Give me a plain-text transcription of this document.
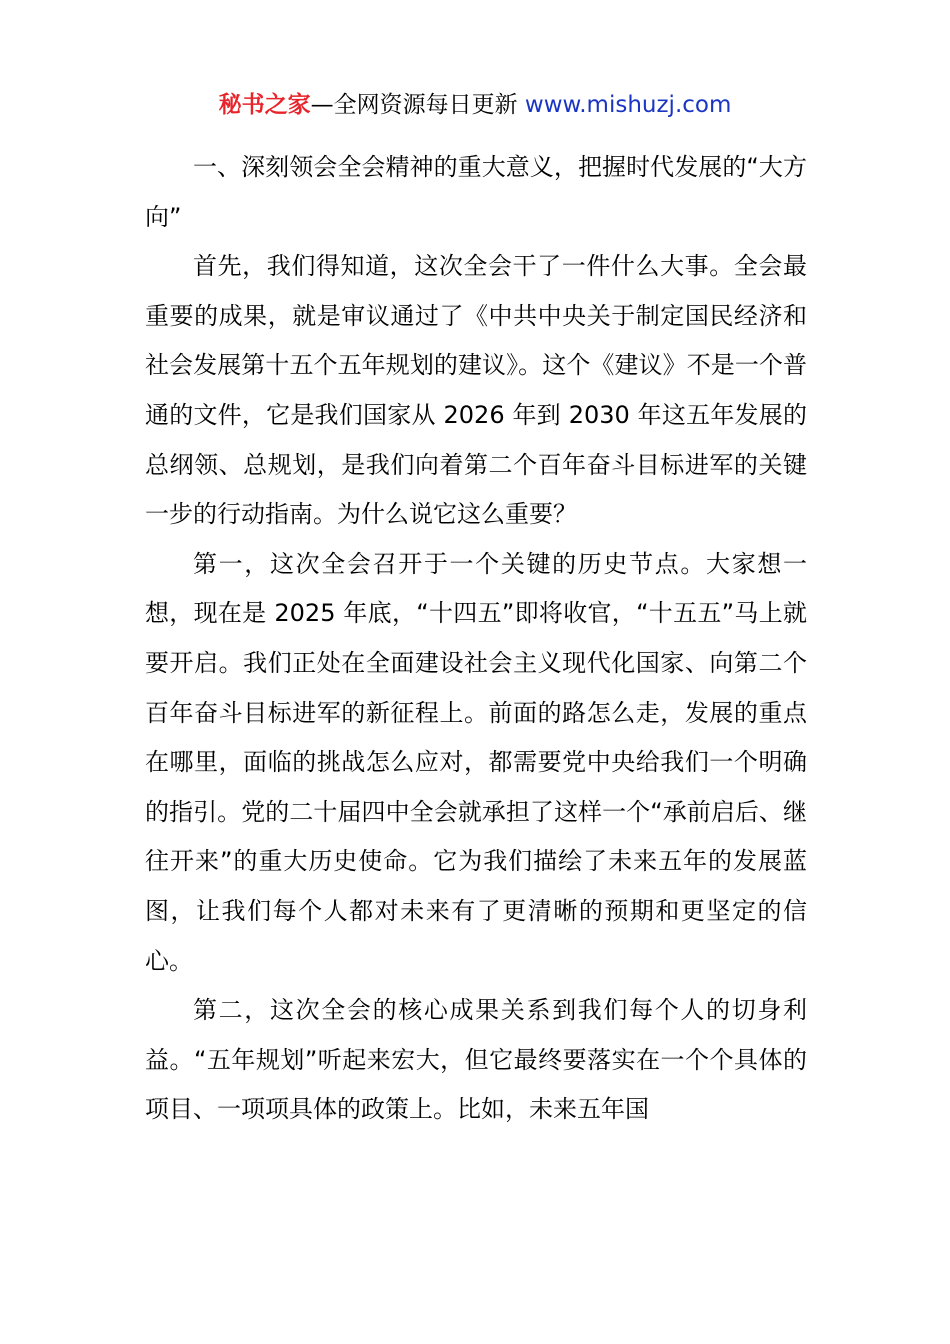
秘书之家—全网资源每日更新 www.mishuzj.com

一、深刻领会全会精神的重大意义，把握时代发展的“大方向”

首先，我们得知道，这次全会干了一件什么大事。全会最重要的成果，就是审议通过了《中共中央关于制定国民经济和社会发展第十五个五年规划的建议》。这个《建议》不是一个普通的文件，它是我们国家从 2026 年到 2030 年这五年发展的总纲领、总规划，是我们向着第二个百年奋斗目标进军的关键一步的行动指南。为什么说它这么重要？

第一，这次全会召开于一个关键的历史节点。大家想一想，现在是 2025 年底，“十四五”即将收官，“十五五”马上就要开启。我们正处在全面建设社会主义现代化国家、向第二个百年奋斗目标进军的新征程上。前面的路怎么走，发展的重点在哪里，面临的挑战怎么应对，都需要党中央给我们一个明确的指引。党的二十届四中全会就承担了这样一个“承前启后、继往开来”的重大历史使命。它为我们描绘了未来五年的发展蓝图，让我们每个人都对未来有了更清晰的预期和更坚定的信心。

第二，这次全会的核心成果关系到我们每个人的切身利益。“五年规划”听起来宏大，但它最终要落实在一个个具体的项目、一项项具体的政策上。比如，未来五年国
